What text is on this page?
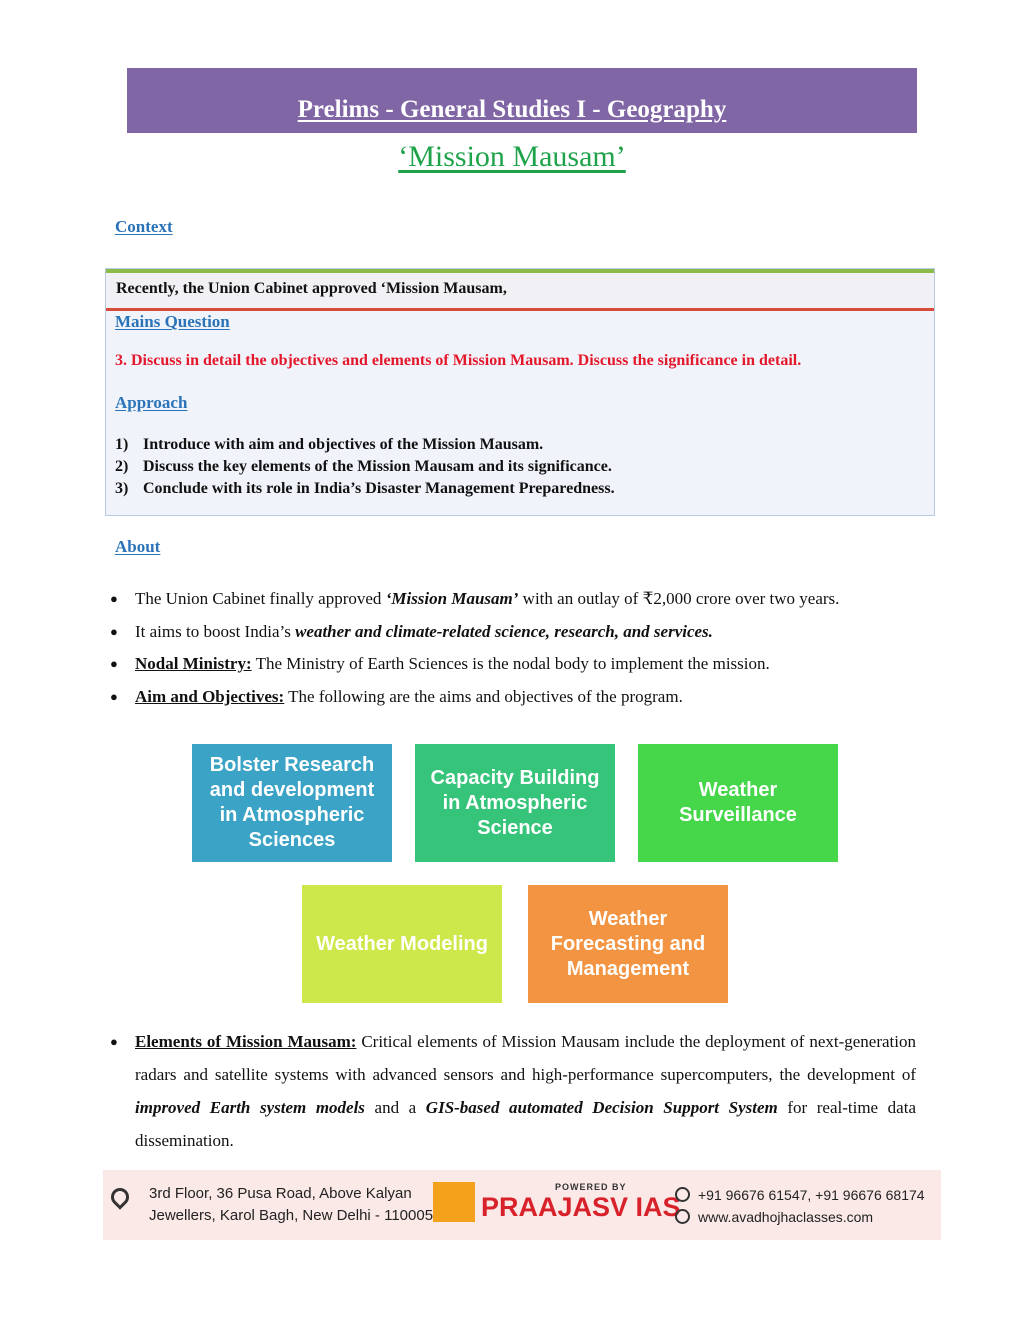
Prelims - General Studies I - Geography
‘Mission Mausam’
Context
Recently, the Union Cabinet approved ‘Mission Mausam,
Mains Question
3. Discuss in detail the objectives and elements of Mission Mausam. Discuss the significance in detail.
Approach
1) Introduce with aim and objectives of the Mission Mausam.
2) Discuss the key elements of the Mission Mausam and its significance.
3) Conclude with its role in India’s Disaster Management Preparedness.
About
● The Union Cabinet finally approved ‘Mission Mausam’ with an outlay of ₹2,000 crore over two years.
● It aims to boost India’s weather and climate-related science, research, and services.
● Nodal Ministry: The Ministry of Earth Sciences is the nodal body to implement the mission.
● Aim and Objectives: The following are the aims and objectives of the program.
Bolster Research and development in Atmospheric Sciences
Capacity Building in Atmospheric Science
Weather Surveillance
Weather Modeling
Weather Forecasting and Management
● Elements of Mission Mausam: Critical elements of Mission Mausam include the deployment of next-generation radars and satellite systems with advanced sensors and high-performance supercomputers, the development of improved Earth system models and a GIS-based automated Decision Support System for real-time data dissemination.
3rd Floor, 36 Pusa Road, Above Kalyan
Jewellers, Karol Bagh, New Delhi - 110005
POWERED BY
PRAAJASV IAS +91 96676 61547, +91 96676 68174
www.avadhojhaclasses.com
